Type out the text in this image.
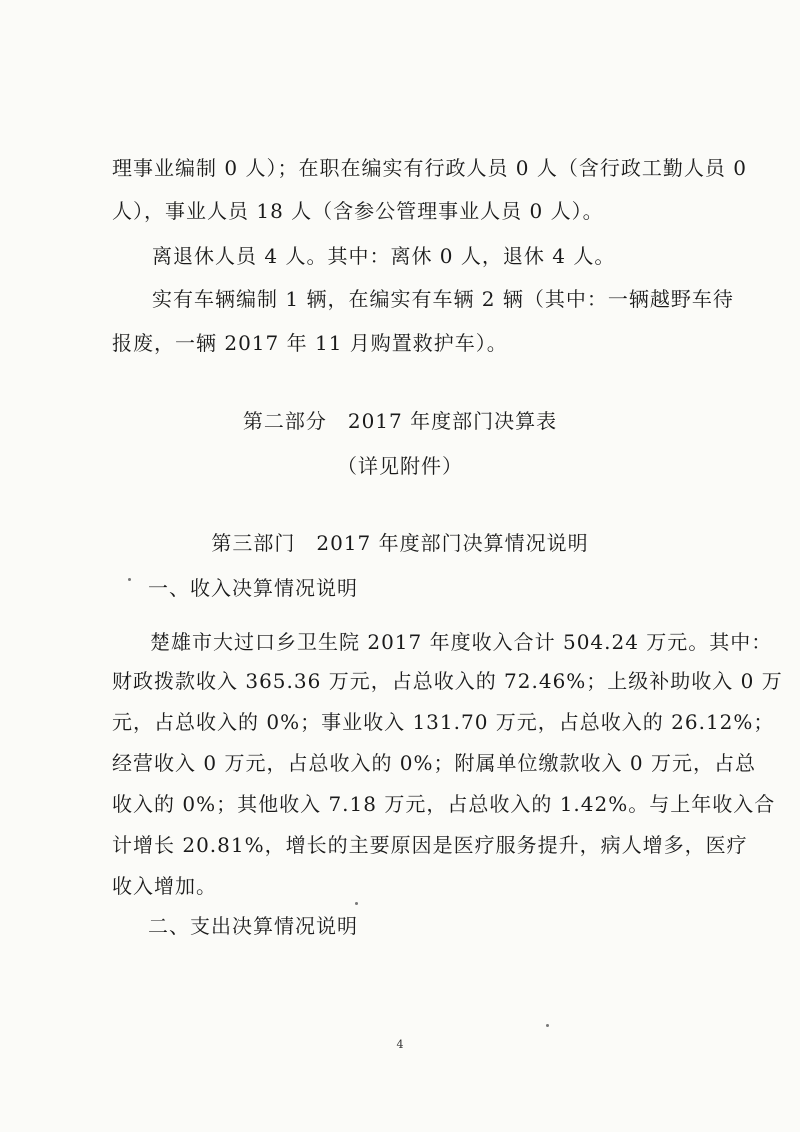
理事业编制 0 人）；在职在编实有行政人员 0 人（含行政工勤人员 0
人），事业人员 18 人（含参公管理事业人员 0 人）。
离退休人员 4 人。其中：离休 0 人，退休 4 人。
实有车辆编制 1 辆，在编实有车辆 2 辆（其中：一辆越野车待
报废，一辆 2017 年 11 月购置救护车）。
第二部分　2017 年度部门决算表
（详见附件）
第三部门　2017 年度部门决算情况说明
一、收入决算情况说明
楚雄市大过口乡卫生院 2017 年度收入合计 504.24 万元。其中：
财政拨款收入 365.36 万元，占总收入的 72.46%；上级补助收入 0 万
元，占总收入的 0%；事业收入 131.70 万元，占总收入的 26.12%；
经营收入 0 万元，占总收入的 0%；附属单位缴款收入 0 万元，占总
收入的 0%；其他收入 7.18 万元，占总收入的 1.42%。与上年收入合
计增长 20.81%，增长的主要原因是医疗服务提升，病人增多，医疗
收入增加。
二、支出决算情况说明
4
